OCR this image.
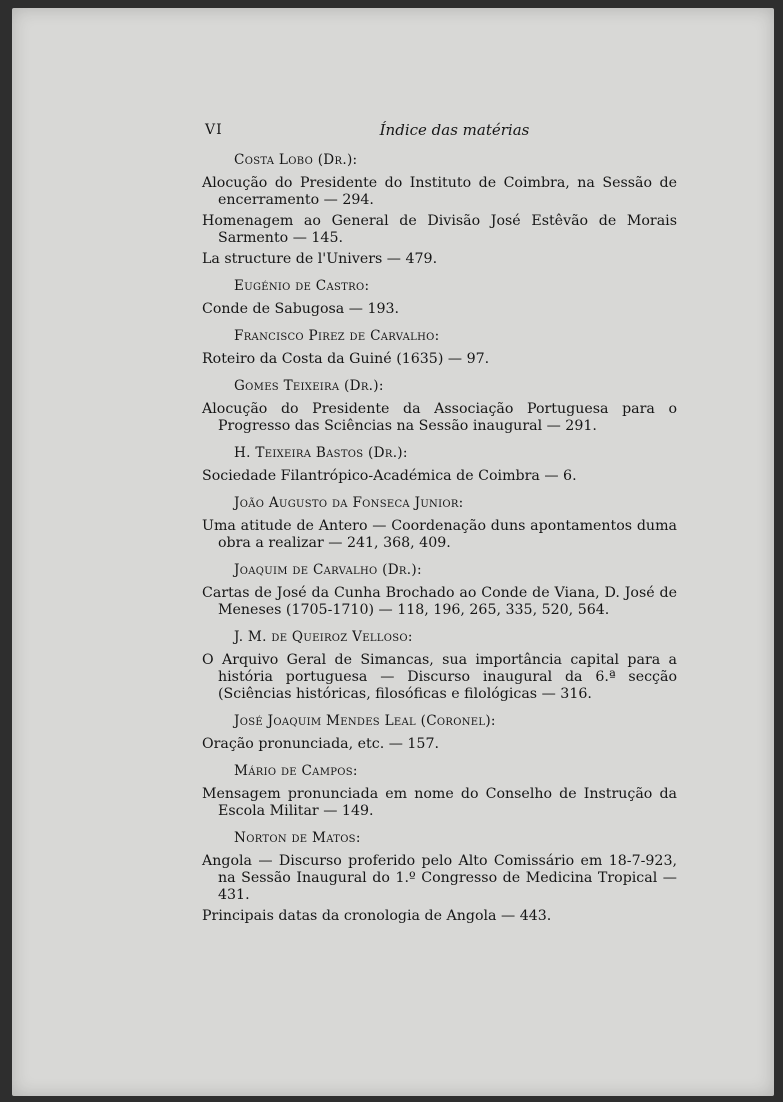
VI	Índice das matérias
Costa Lobo (Dr.):

Alocução do Presidente do Instituto de Coimbra, na Sessão de encerramento — 294.

Homenagem ao General de Divisão José Estêvão de Morais Sarmento — 145.

La structure de l'Univers — 479.

Eugénio de Castro:

Conde de Sabugosa — 193.

Francisco Pirez de Carvalho:

Roteiro da Costa da Guiné (1635) — 97.

Gomes Teixeira (Dr.):

Alocução do Presidente da Associação Portuguesa para o Progresso das Sciências na Sessão inaugural — 291.

H. Teixeira Bastos (Dr.):

Sociedade Filantrópico-Académica de Coimbra — 6.

João Augusto da Fonseca Junior:

Uma atitude de Antero — Coordenação duns apontamentos duma obra a realizar — 241, 368, 409.

Joaquim de Carvalho (Dr.):

Cartas de José da Cunha Brochado ao Conde de Viana, D. José de Meneses (1705-1710) — 118, 196, 265, 335, 520, 564.

J. M. de Queiroz Velloso:

O Arquivo Geral de Simancas, sua importância capital para a história portuguesa — Discurso inaugural da 6.ª secção (Sciências históricas, filosóficas e filológicas — 316.

José Joaquim Mendes Leal (Coronel):

Oração pronunciada, etc. — 157.

Mário de Campos:

Mensagem pronunciada em nome do Conselho de Instrução da Escola Militar — 149.

Norton de Matos:

Angola — Discurso proferido pelo Alto Comissário em 18-7-923, na Sessão Inaugural do 1.º Congresso de Medicina Tropical — 431.

Principais datas da cronologia de Angola — 443.
